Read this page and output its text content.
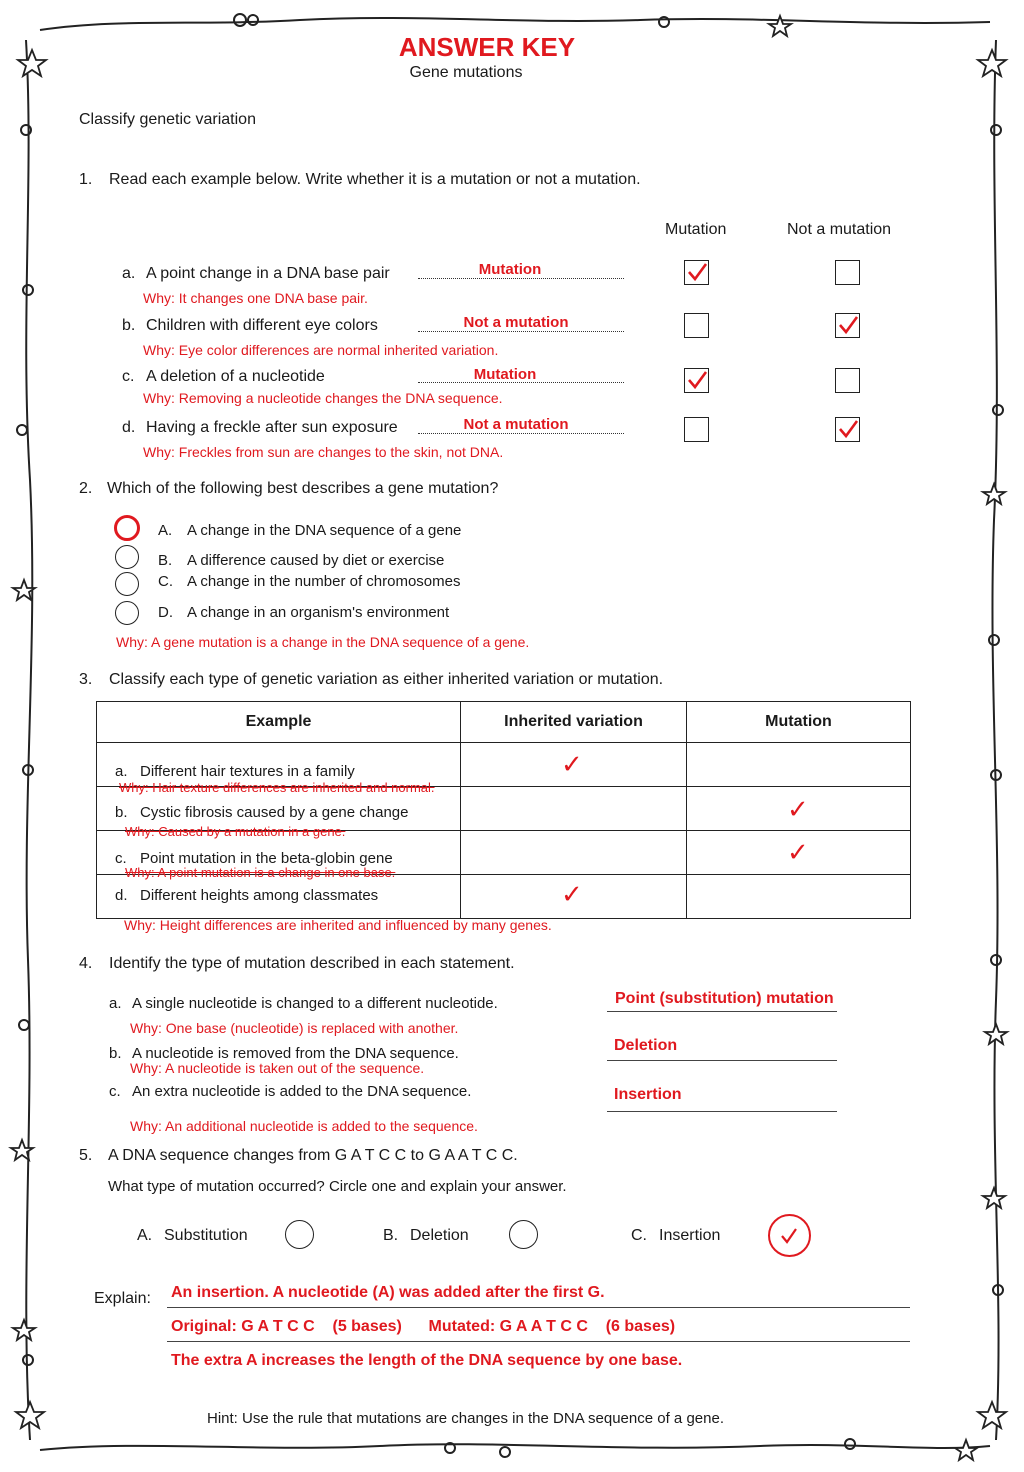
ANSWER KEY
Gene mutations
Classify genetic variation
1. Read each example below. Write whether it is a mutation or not a mutation.
Mutation	Not a mutation
a. A point change in a DNA base pair	Mutation
Why: It changes one DNA base pair.
b. Children with different eye colors	Not a mutation
Why: Eye color differences are normal inherited variation.
c. A deletion of a nucleotide	Mutation
Why: Removing a nucleotide changes the DNA sequence.
d. Having a freckle after sun exposure	Not a mutation
Why: Freckles from sun are changes to the skin, not DNA.
2. Which of the following best describes a gene mutation?
A. A change in the DNA sequence of a gene
B. A difference caused by diet or exercise
C. A change in the number of chromosomes
D. A change in an organism's environment
Why: A gene mutation is a change in the DNA sequence of a gene.
3. Classify each type of genetic variation as either inherited variation or mutation.
Example	Inherited variation	Mutation

a. Different hair textures in a family
Why: Hair texture differences are inherited and normal.	✓	

b. Cystic fibrosis caused by a gene change
Why: Caused by a mutation in a gene.		✓

c. Point mutation in the beta-globin gene
Why: A point mutation is a change in one base.		✓

d. Different heights among classmates	✓	

Why: Height differences are inherited and influenced by many genes.
4. Identify the type of mutation described in each statement.
a. A single nucleotide is changed to a different nucleotide.
Why: One base (nucleotide) is replaced with another.
Point (substitution) mutation
b. A nucleotide is removed from the DNA sequence.
Why: A nucleotide is taken out of the sequence.
Deletion
c. An extra nucleotide is added to the DNA sequence.
Why: An additional nucleotide is added to the sequence.
Insertion
5. A DNA sequence changes from G A T C C to G A A T C C.
What type of mutation occurred? Circle one and explain your answer.
A. Substitution	B. Deletion	C. Insertion
Explain: An insertion. A nucleotide (A) was added after the first G.
Original: G A T C C    (5 bases)      Mutated: G A A T C C    (6 bases)
The extra A increases the length of the DNA sequence by one base.
Hint: Use the rule that mutations are changes in the DNA sequence of a gene.
